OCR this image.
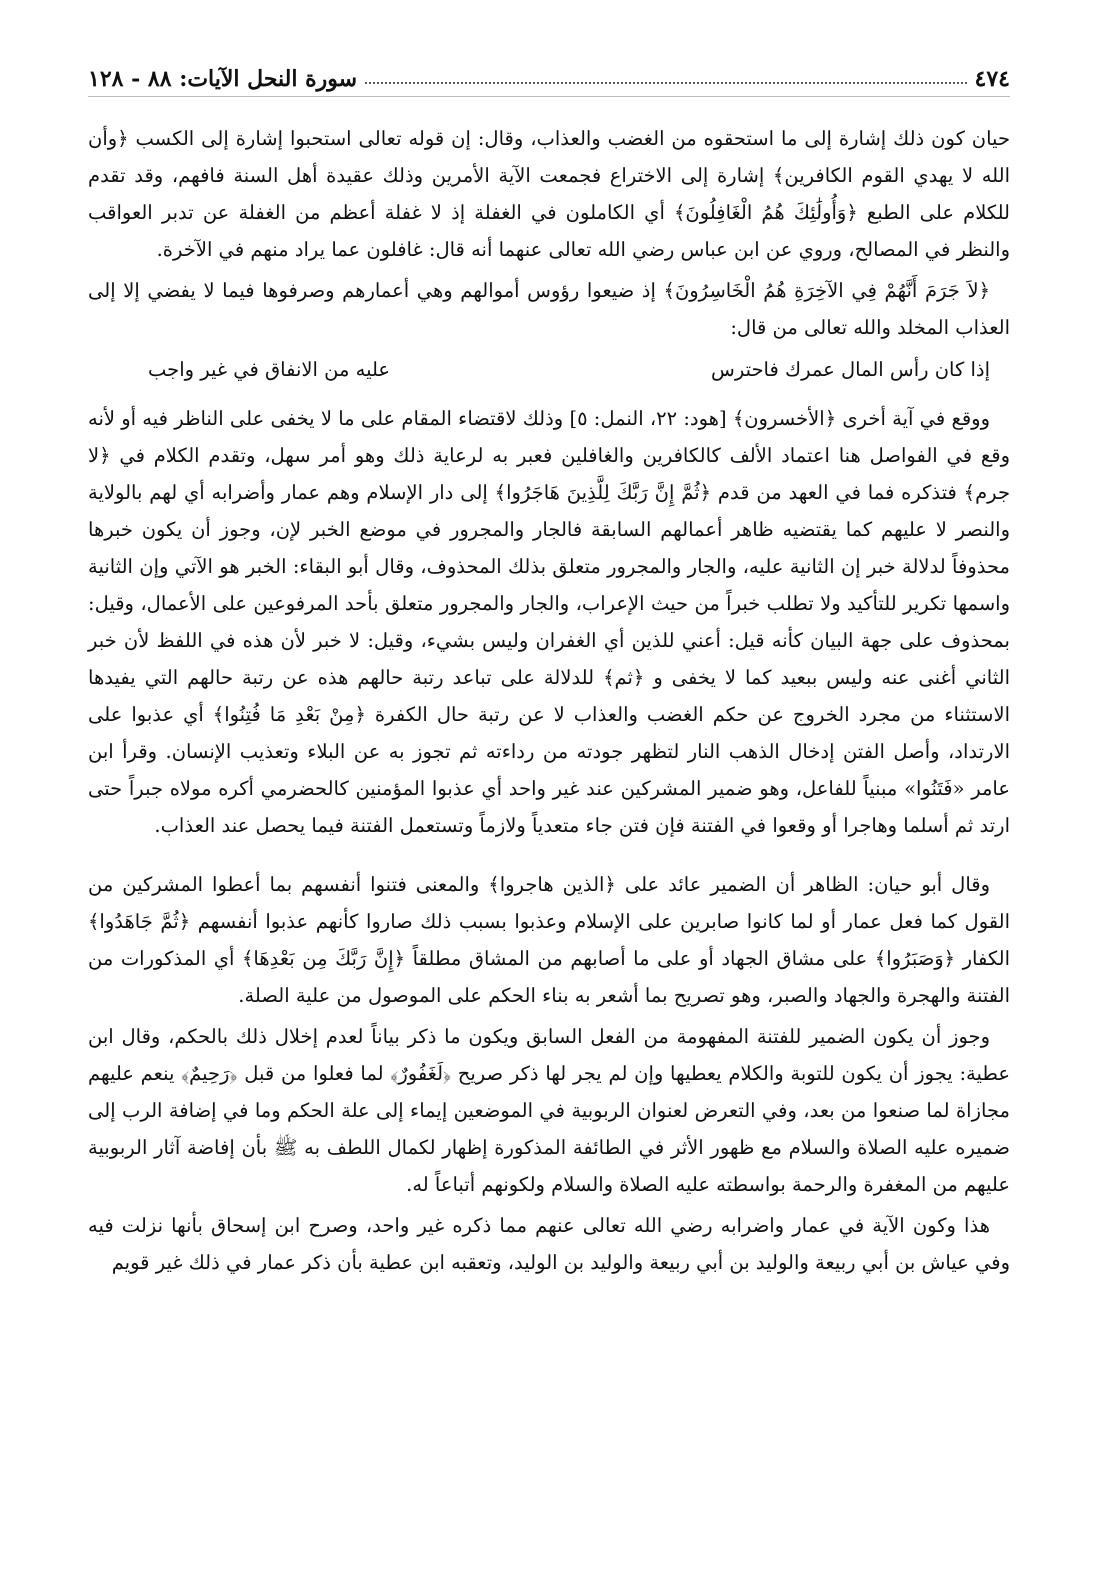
٤٧٤
سورة النحل الآيات: ٨٨ - ١٢٨

حيان كون ذلك إشارة إلى ما استحقوه من الغضب والعذاب، وقال: إن قوله تعالى استحبوا إشارة إلى الكسب ﴿وأن الله لا يهدي القوم الكافرين﴾ إشارة إلى الاختراع فجمعت الآية الأمرين وذلك عقيدة أهل السنة فافهم، وقد تقدم للكلام على الطبع ﴿وَأُولَٰئِكَ هُمُ الْغَافِلُونَ﴾ أي الكاملون في الغفلة إذ لا غفلة أعظم من الغفلة عن تدبر العواقب والنظر في المصالح، وروي عن ابن عباس رضي الله تعالى عنهما أنه قال: غافلون عما يراد منهم في الآخرة.

﴿لاَ جَرَمَ أَنَّهُمْ فِي الآخِرَةِ هُمُ الْخَاسِرُونَ﴾ إذ ضيعوا رؤوس أموالهم وهي أعمارهم وصرفوها فيما لا يفضي إلا إلى العذاب المخلد والله تعالى من قال:

إذا كان رأس المال عمرك فاحترس
عليه من الانفاق في غير واجب

ووقع في آية أخرى ﴿الأخسرون﴾ [هود: ٢٢، النمل: ٥] وذلك لاقتضاء المقام على ما لا يخفى على الناظر فيه أو لأنه وقع في الفواصل هنا اعتماد الألف كالكافرين والغافلين فعبر به لرعاية ذلك وهو أمر سهل، وتقدم الكلام في ﴿لا جرم﴾ فتذكره فما في العهد من قدم ﴿ثُمَّ إِنَّ رَبَّكَ لِلَّذِينَ هَاجَرُوا﴾ إلى دار الإسلام وهم عمار وأضرابه أي لهم بالولاية والنصر لا عليهم كما يقتضيه ظاهر أعمالهم السابقة فالجار والمجرور في موضع الخبر لإن، وجوز أن يكون خبرها محذوفاً لدلالة خبر إن الثانية عليه، والجار والمجرور متعلق بذلك المحذوف، وقال أبو البقاء: الخبر هو الآتي وإن الثانية واسمها تكرير للتأكيد ولا تطلب خبراً من حيث الإعراب، والجار والمجرور متعلق بأحد المرفوعين على الأعمال، وقيل: بمحذوف على جهة البيان كأنه قيل: أعني للذين أي الغفران وليس بشيء، وقيل: لا خبر لأن هذه في اللفظ لأن خبر الثاني أغنى عنه وليس ببعيد كما لا يخفى و ﴿ثم﴾ للدلالة على تباعد رتبة حالهم هذه عن رتبة حالهم التي يفيدها الاستثناء من مجرد الخروج عن حكم الغضب والعذاب لا عن رتبة حال الكفرة ﴿مِنْ بَعْدِ مَا فُتِنُوا﴾ أي عذبوا على الارتداد، وأصل الفتن إدخال الذهب النار لتظهر جودته من رداءته ثم تجوز به عن البلاء وتعذيب الإنسان. وقرأ ابن عامر «فَتَنُوا» مبنياً للفاعل، وهو ضمير المشركين عند غير واحد أي عذبوا المؤمنين كالحضرمي أكره مولاه جبراً حتى ارتد ثم أسلما وهاجرا أو وقعوا في الفتنة فإن فتن جاء متعدياً ولازماً وتستعمل الفتنة فيما يحصل عند العذاب.

وقال أبو حيان: الظاهر أن الضمير عائد على ﴿الذين هاجروا﴾ والمعنى فتنوا أنفسهم بما أعطوا المشركين من القول كما فعل عمار أو لما كانوا صابرين على الإسلام وعذبوا بسبب ذلك صاروا كأنهم عذبوا أنفسهم ﴿ثُمَّ جَاهَدُوا﴾ الكفار ﴿وَصَبَرُوا﴾ على مشاق الجهاد أو على ما أصابهم من المشاق مطلقاً ﴿إِنَّ رَبَّكَ مِن بَعْدِهَا﴾ أي المذكورات من الفتنة والهجرة والجهاد والصبر، وهو تصريح بما أشعر به بناء الحكم على الموصول من علية الصلة.

وجوز أن يكون الضمير للفتنة المفهومة من الفعل السابق ويكون ما ذكر بياناً لعدم إخلال ذلك بالحكم، وقال ابن عطية: يجوز أن يكون للتوبة والكلام يعطيها وإن لم يجر لها ذكر صريح ﴿لَغَفُورٌ﴾ لما فعلوا من قبل ﴿رَحِيمٌ﴾ ينعم عليهم مجازاة لما صنعوا من بعد، وفي التعرض لعنوان الربوبية في الموضعين إيماء إلى علة الحكم وما في إضافة الرب إلى ضميره عليه الصلاة والسلام مع ظهور الأثر في الطائفة المذكورة إظهار لكمال اللطف به ﷺ بأن إفاضة آثار الربوبية عليهم من المغفرة والرحمة بواسطته عليه الصلاة والسلام ولكونهم أتباعاً له.

هذا وكون الآية في عمار واضرابه رضي الله تعالى عنهم مما ذكره غير واحد، وصرح ابن إسحاق بأنها نزلت فيه وفي عياش بن أبي ربيعة والوليد بن أبي ربيعة والوليد بن الوليد، وتعقبه ابن عطية بأن ذكر عمار في ذلك غير قويم
